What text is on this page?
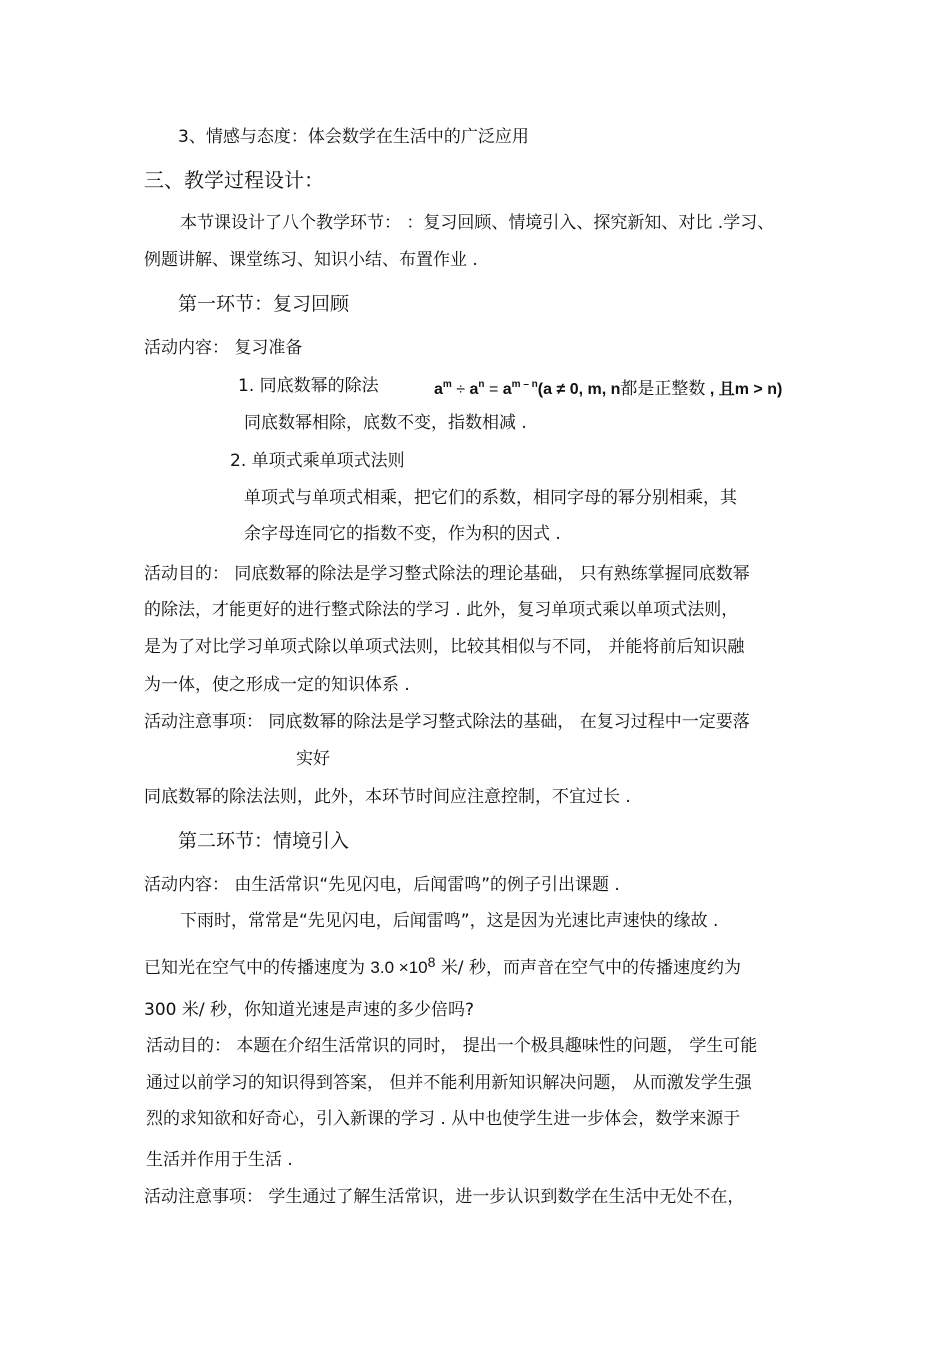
3、情感与态度：体会数学在生活中的广泛应用
三、教学过程设计：
本节课设计了八个教学环节： ：复习回顾、情境引入、探究新知、对比 .学习、
例题讲解、课堂练习、知识小结、布置作业 .
第一环节：复习回顾
活动内容： 复习准备
1. 同底数幂的除法	$a^m \div a^n = a^{m - n}(a \ne 0$, m, n都是正整数 , 且m > n)
同底数幂相除，底数不变，指数相减 .
2. 单项式乘单项式法则
单项式与单项式相乘，把它们的系数，相同字母的幂分别相乘，其
余字母连同它的指数不变，作为积的因式 .
活动目的： 同底数幂的除法是学习整式除法的理论基础， 只有熟练掌握同底数幂
的除法，才能更好的进行整式除法的学习 . 此外，复习单项式乘以单项式法则，
是为了对比学习单项式除以单项式法则，比较其相似与不同， 并能将前后知识融
为一体，使之形成一定的知识体系 .
活动注意事项： 同底数幂的除法是学习整式除法的基础， 在复习过程中一定要落
实好
同底数幂的除法法则，此外，本环节时间应注意控制，不宜过长 .
第二环节：情境引入
活动内容： 由生活常识“先见闪电，后闻雷鸣”的例子引出课题 .
下雨时，常常是“先见闪电，后闻雷鸣”，这是因为光速比声速快的缘故 .
已知光在空气中的传播速度为 $3.0 \times 10^8$ 米/ 秒，而声音在空气中的传播速度约为
300 米/ 秒，你知道光速是声速的多少倍吗?
活动目的： 本题在介绍生活常识的同时， 提出一个极具趣味性的问题， 学生可能
通过以前学习的知识得到答案， 但并不能利用新知识解决问题， 从而激发学生强
烈的求知欲和好奇心，引入新课的学习 . 从中也使学生进一步体会，数学来源于
生活并作用于生活 .
活动注意事项： 学生通过了解生活常识，进一步认识到数学在生活中无处不在，
